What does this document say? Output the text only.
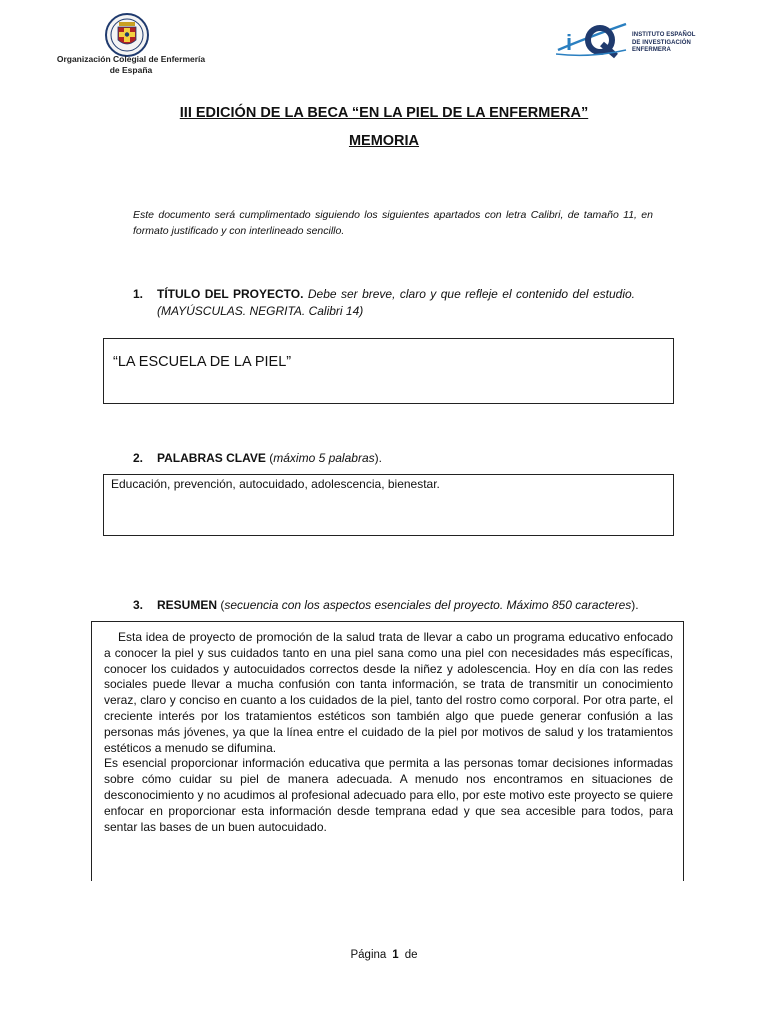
Organización Colegial de Enfermería
de España
i	INSTITUTO ESPAÑOL
DE INVESTIGACIÓN
ENFERMERA
III EDICIÓN DE LA BECA “EN LA PIEL DE LA ENFERMERA”
MEMORIA
Este documento será cumplimentado siguiendo los siguientes apartados con letra Calibri, de tamaño 11, en formato justificado y con interlineado sencillo.
1. TÍTULO DEL PROYECTO. Debe ser breve, claro y que refleje el contenido del estudio. (MAYÚSCULAS. NEGRITA. Calibri 14)
“LA ESCUELA DE LA PIEL”
2. PALABRAS CLAVE (máximo 5 palabras).
Educación, prevención, autocuidado, adolescencia, bienestar.
3. RESUMEN (secuencia con los aspectos esenciales del proyecto. Máximo 850 caracteres).

Esta idea de proyecto de promoción de la salud trata de llevar a cabo un programa educativo enfocado a conocer la piel y sus cuidados tanto en una piel sana como una piel con necesidades más específicas, conocer los cuidados y autocuidados correctos desde la niñez y adolescencia. Hoy en día con las redes sociales puede llevar a mucha confusión con tanta información, se trata de transmitir un conocimiento veraz, claro y conciso en cuanto a los cuidados de la piel, tanto del rostro como corporal. Por otra parte, el creciente interés por los tratamientos estéticos son también algo que puede generar confusión a las personas más jóvenes, ya que la línea entre el cuidado de la piel por motivos de salud y los tratamientos estéticos a menudo se difumina.

Es esencial proporcionar información educativa que permita a las personas tomar decisiones informadas sobre cómo cuidar su piel de manera adecuada. A menudo nos encontramos en situaciones de desconocimiento y no acudimos al profesional adecuado para ello, por este motivo este proyecto se quiere enfocar en proporcionar esta información desde temprana edad y que sea accesible para todos, para sentar las bases de un buen autocuidado.

Página 1 de
